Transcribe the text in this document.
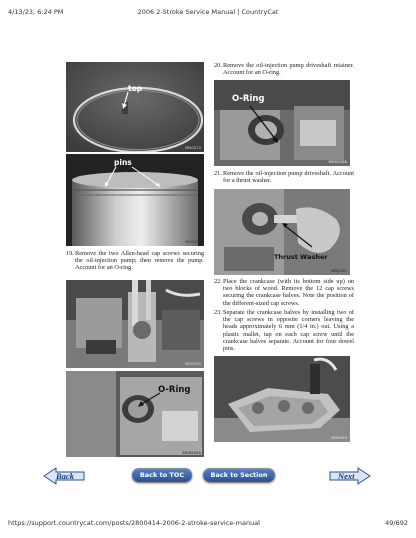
4/13/23, 6:24 PM	2006 2-Stroke Service Manual | CountryCat
https://support.countrycat.com/posts/2800414-2006-2-stroke-service-manual	49/692
top
MD0272
pins
MD0271
19. Remove the two Allen-head cap screws securing the oil-injection pump; then remove the pump. Account for an O-ring.
MD0590
O-Ring
MD0592A
20. Remove the oil-injection pump driveshaft retainer. Account for an O-ring.
O-Ring
MD0100A
21. Remove the oil-injection pump driveshaft. Account for a thrust washer.
Thrust Washer
MD0101
22. Place the crankcase (with its bottom side up) on two blocks of wood. Remove the 12 cap screws securing the crankcase halves. Note the position of the different-sized cap screws.
23. Separate the crankcase halves by installing two of the cap screws in opposite corners leaving the heads approximately 6 mm (1/4 in.) out. Using a plastic mallet, tap on each cap screw until the crankcase halves separate. Account for four dowel pins.
MD0293
Back	Back to TOC	Back to Section TOC
Next
